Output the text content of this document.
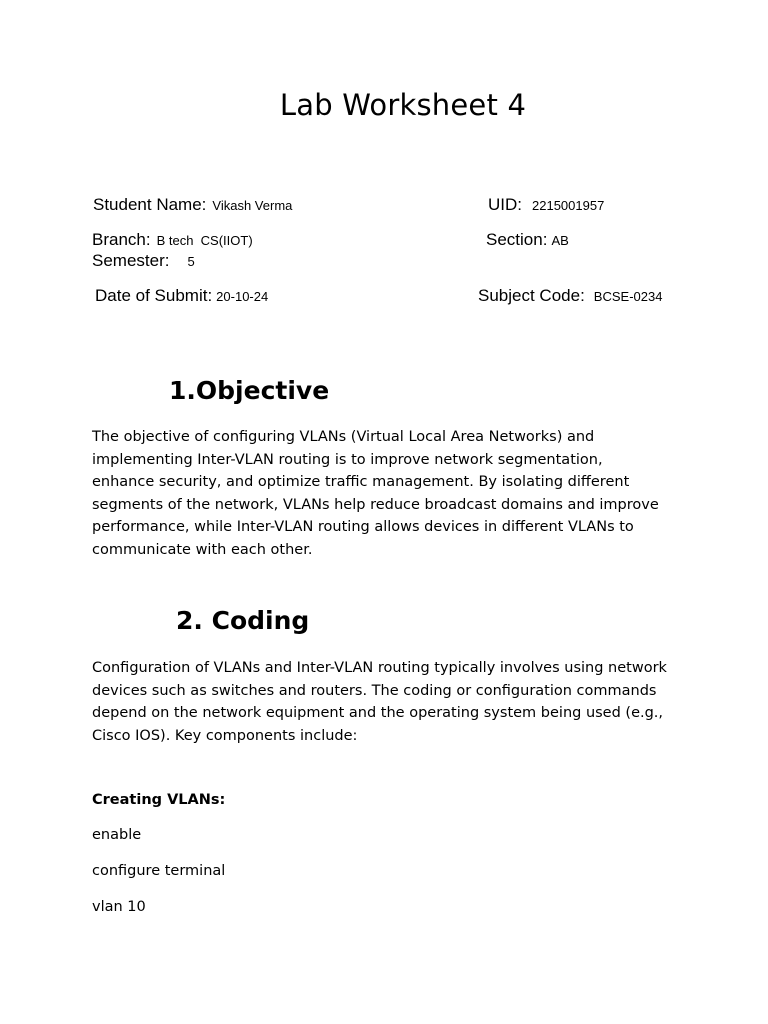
Lab Worksheet 4
Student Name: Vikash Verma	UID: 2215001957
Branch: B tech  CS(IIOT)	Section: AB
Semester: 5
Date of Submit: 20-10-24	Subject Code: BCSE-0234
1.Objective
The objective of configuring VLANs (Virtual Local Area Networks) and
implementing Inter-VLAN routing is to improve network segmentation,
enhance security, and optimize traffic management. By isolating different
segments of the network, VLANs help reduce broadcast domains and improve
performance, while Inter-VLAN routing allows devices in different VLANs to
communicate with each other.
2. Coding
Configuration of VLANs and Inter-VLAN routing typically involves using network
devices such as switches and routers. The coding or configuration commands
depend on the network equipment and the operating system being used (e.g.,
Cisco IOS). Key components include:
Creating VLANs:
enable
configure terminal
vlan 10
